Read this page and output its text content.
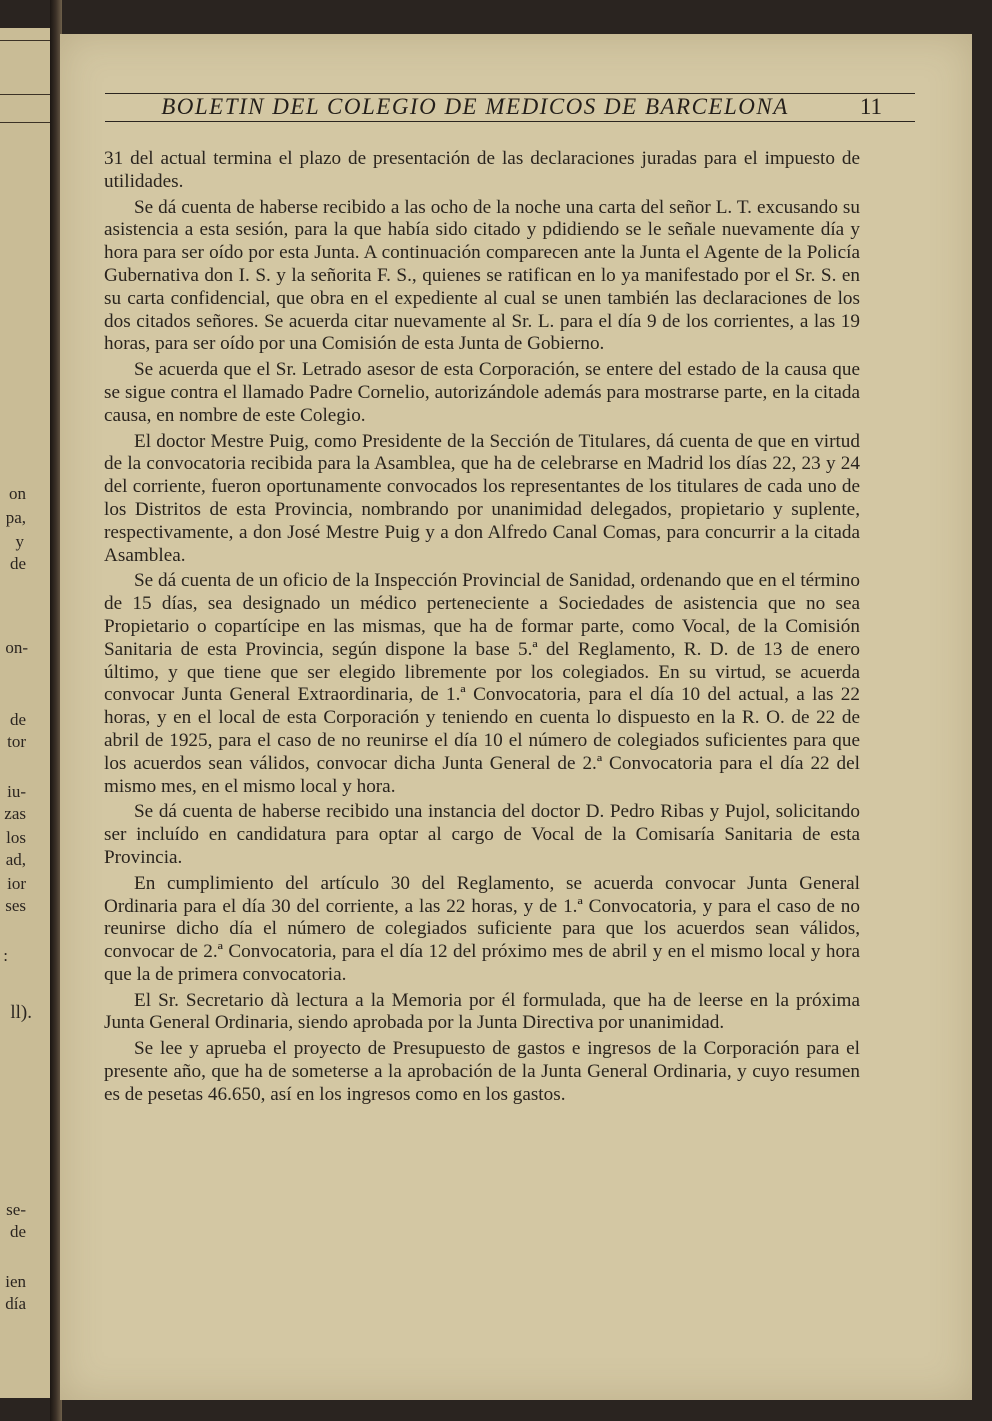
on
pa,
y
de
on-
de
tor
iu-
zas
los
ad,
ior
ses
:
ll).
se-
de
ien
día
BOLETIN DEL COLEGIO DE MEDICOS DE BARCELONA	11

31 del actual termina el plazo de presentación de las declaraciones juradas para el impuesto de utilidades.

Se dá cuenta de haberse recibido a las ocho de la noche una carta del señor L. T. excusando su asistencia a esta sesión, para la que había sido citado y pdidiendo se le señale nuevamente día y hora para ser oído por esta Junta. A continuación comparecen ante la Junta el Agente de la Policía Gubernativa don I. S. y la señorita F. S., quienes se ratifican en lo ya manifestado por el Sr. S. en su carta confidencial, que obra en el expediente al cual se unen también las declaraciones de los dos citados señores. Se acuerda citar nuevamente al Sr. L. para el día 9 de los corrientes, a las 19 horas, para ser oído por una Comisión de esta Junta de Gobierno.

Se acuerda que el Sr. Letrado asesor de esta Corporación, se entere del estado de la causa que se sigue contra el llamado Padre Cornelio, autorizándole además para mostrarse parte, en la citada causa, en nombre de este Colegio.

El doctor Mestre Puig, como Presidente de la Sección de Titulares, dá cuenta de que en virtud de la convocatoria recibida para la Asamblea, que ha de celebrarse en Madrid los días 22, 23 y 24 del corriente, fueron oportunamente convocados los representantes de los titulares de cada uno de los Distritos de esta Provincia, nombrando por unanimidad delegados, propietario y suplente, respectivamente, a don José Mestre Puig y a don Alfredo Canal Comas, para concurrir a la citada Asamblea.

Se dá cuenta de un oficio de la Inspección Provincial de Sanidad, ordenando que en el término de 15 días, sea designado un médico perteneciente a Sociedades de asistencia que no sea Propietario o copartícipe en las mismas, que ha de formar parte, como Vocal, de la Comisión Sanitaria de esta Provincia, según dispone la base 5.ª del Reglamento, R. D. de 13 de enero último, y que tiene que ser elegido libremente por los colegiados. En su virtud, se acuerda convocar Junta General Extraordinaria, de 1.ª Convocatoria, para el día 10 del actual, a las 22 horas, y en el local de esta Corporación y teniendo en cuenta lo dispuesto en la R. O. de 22 de abril de 1925, para el caso de no reunirse el día 10 el número de colegiados suficientes para que los acuerdos sean válidos, convocar dicha Junta General de 2.ª Convocatoria para el día 22 del mismo mes, en el mismo local y hora.

Se dá cuenta de haberse recibido una instancia del doctor D. Pedro Ribas y Pujol, solicitando ser incluído en candidatura para optar al cargo de Vocal de la Comisaría Sanitaria de esta Provincia.

En cumplimiento del artículo 30 del Reglamento, se acuerda convocar Junta General Ordinaria para el día 30 del corriente, a las 22 horas, y de 1.ª Convocatoria, y para el caso de no reunirse dicho día el número de colegiados suficiente para que los acuerdos sean válidos, convocar de 2.ª Convocatoria, para el día 12 del próximo mes de abril y en el mismo local y hora que la de primera convocatoria.

El Sr. Secretario dà lectura a la Memoria por él formulada, que ha de leerse en la próxima Junta General Ordinaria, siendo aprobada por la Junta Directiva por unanimidad.

Se lee y aprueba el proyecto de Presupuesto de gastos e ingresos de la Corporación para el presente año, que ha de someterse a la aprobación de la Junta General Ordinaria, y cuyo resumen es de pesetas 46.650, así en los ingresos como en los gastos.
